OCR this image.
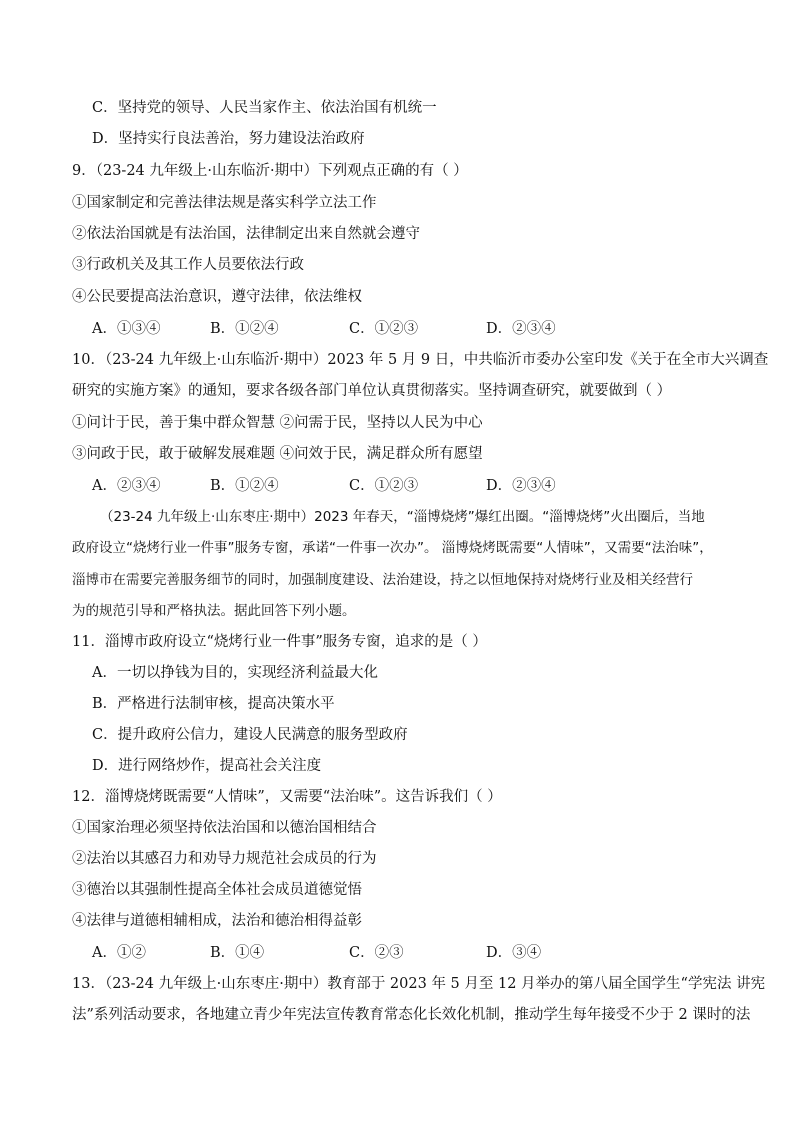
C．坚持党的领导、人民当家作主、依法治国有机统一
D．坚持实行良法善治，努力建设法治政府
9．（23-24 九年级上·山东临沂·期中）下列观点正确的有（ ）
①国家制定和完善法律法规是落实科学立法工作
②依法治国就是有法治国，法律制定出来自然就会遵守
③行政机关及其工作人员要依法行政
④公民要提高法治意识，遵守法律，依法维权
A．①③④	B．①②④	C．①②③	D．②③④
10．（23-24 九年级上·山东临沂·期中）2023 年 5 月 9 日，中共临沂市委办公室印发《关于在全市大兴调查
研究的实施方案》的通知，要求各级各部门单位认真贯彻落实。坚持调查研究，就要做到（ ）
①问计于民，善于集中群众智慧 ②问需于民，坚持以人民为中心
③问政于民，敢于破解发展难题 ④问效于民，满足群众所有愿望
A．②③④	B．①②④	C．①②③	D．②③④
（23-24 九年级上·山东枣庄·期中）2023 年春天，“淄博烧烤”爆红出圈。“淄博烧烤”火出圈后，当地
政府设立“烧烤行业一件事”服务专窗，承诺“一件事一次办”。 淄博烧烤既需要“人情味”，又需要“法治味”，
淄博市在需要完善服务细节的同时，加强制度建设、法治建设，持之以恒地保持对烧烤行业及相关经营行
为的规范引导和严格执法。据此回答下列小题。
11．淄博市政府设立“烧烤行业一件事”服务专窗，追求的是（ ）
A．一切以挣钱为目的，实现经济利益最大化
B．严格进行法制审核，提高决策水平
C．提升政府公信力，建设人民满意的服务型政府
D．进行网络炒作，提高社会关注度
12．淄博烧烤既需要“人情味”，又需要“法治味”。这告诉我们（ ）
①国家治理必须坚持依法治国和以德治国相结合
②法治以其感召力和劝导力规范社会成员的行为
③德治以其强制性提高全体社会成员道德觉悟
④法律与道德相辅相成，法治和德治相得益彰
A．①②	B．①④	C．②③	D．③④
13．（23-24 九年级上·山东枣庄·期中）教育部于 2023 年 5 月至 12 月举办的第八届全国学生“学宪法 讲宪
法”系列活动要求，各地建立青少年宪法宣传教育常态化长效化机制，推动学生每年接受不少于 2 课时的法
